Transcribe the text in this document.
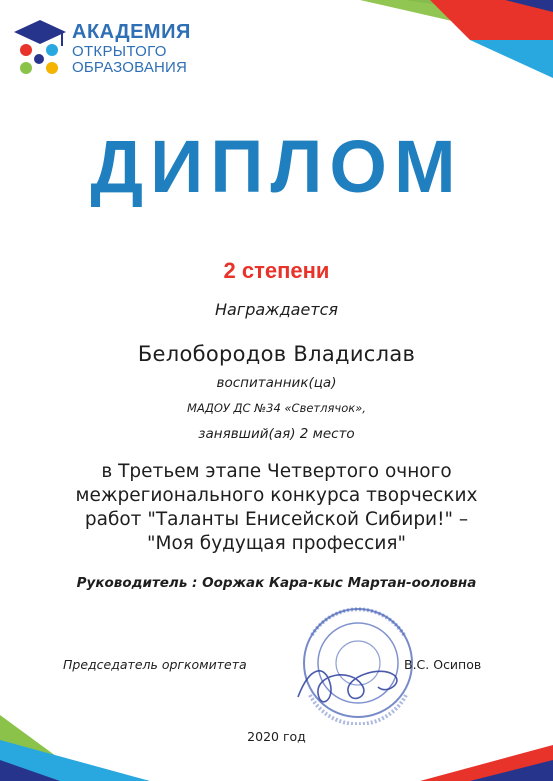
АКАДЕМИЯ
ОТКРЫТОГО
ОБРАЗОВАНИЯ
ДИПЛОМ
2 степени
Награждается
Белобородов Владислав
воспитанник(ца)
МАДОУ ДС №34 «Светлячок»,
занявший(ая) 2 место
в Третьем этапе Четвертого очного
межрегионального конкурса творческих
работ "Таланты Енисейской Сибири!" –
"Моя будущая профессия"
Руководитель : Ооржак Кара-кыс Мартан-ооловна
Председатель оргкомитета	В.С. Осипов
2020 год
